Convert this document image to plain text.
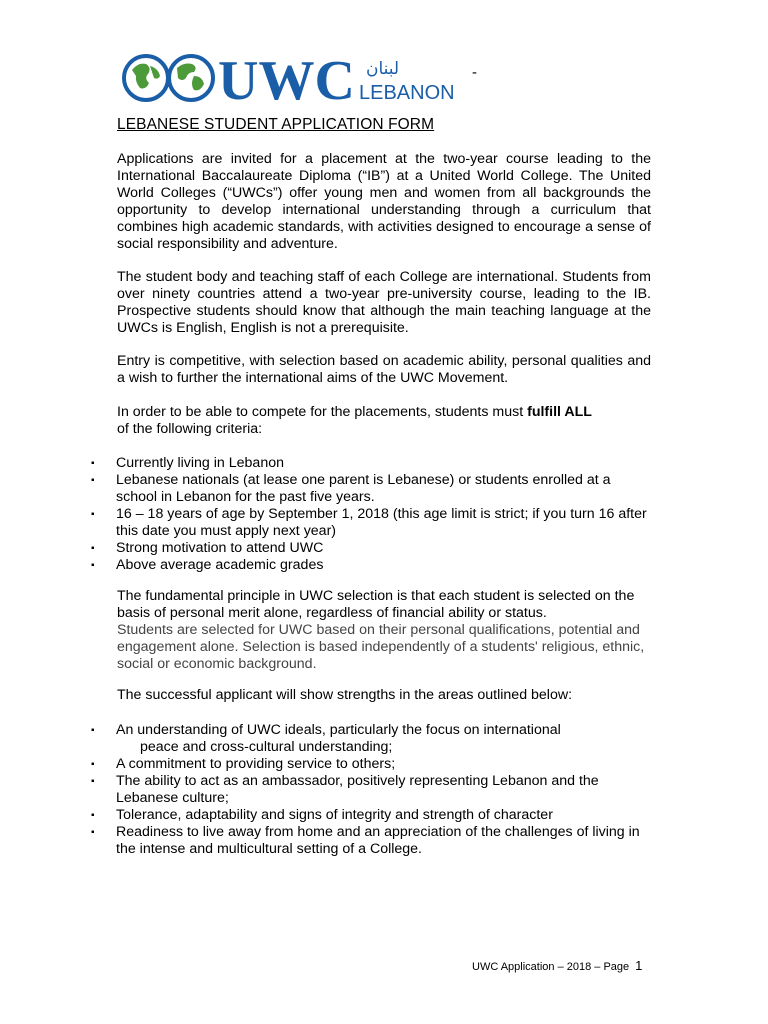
UWC لبنان
LEBANON
-
LEBANESE STUDENT APPLICATION FORM

Applications are invited for a placement at the two-year course leading to the International Baccalaureate Diploma (“IB”) at a United World College. The United World Colleges (“UWCs”) offer young men and women from all backgrounds the opportunity to develop international understanding through a curriculum that combines high academic standards, with activities designed to encourage a sense of social responsibility and adventure.

The student body and teaching staff of each College are international. Students from over ninety countries attend a two-year pre-university course, leading to the IB. Prospective students should know that although the main teaching language at the UWCs is English, English is not a prerequisite.

Entry is competitive, with selection based on academic ability, personal qualities and a wish to further the international aims of the UWC Movement.

In order to be able to compete for the placements, students must fulfill ALL
of the following criteria:

▪ Currently living in Lebanon
▪ Lebanese nationals (at lease one parent is Lebanese) or students enrolled at a school in Lebanon for the past five years.
▪ 16 – 18 years of age by September 1, 2018 (this age limit is strict; if you turn 16 after this date you must apply next year)
▪ Strong motivation to attend UWC
▪ Above average academic grades

The fundamental principle in UWC selection is that each student is selected on the basis of personal merit alone, regardless of financial ability or status.
Students are selected for UWC based on their personal qualifications, potential and engagement alone. Selection is based independently of a students' religious, ethnic, social or economic background.

The successful applicant will show strengths in the areas outlined below:

▪ An understanding of UWC ideals, particularly the focus on international
peace and cross-cultural understanding;
▪ A commitment to providing service to others;
▪ The ability to act as an ambassador, positively representing Lebanon and the Lebanese culture;
▪ Tolerance, adaptability and signs of integrity and strength of character
▪ Readiness to live away from home and an appreciation of the challenges of living in the intense and multicultural setting of a College.
UWC Application – 2018 – Page 1
